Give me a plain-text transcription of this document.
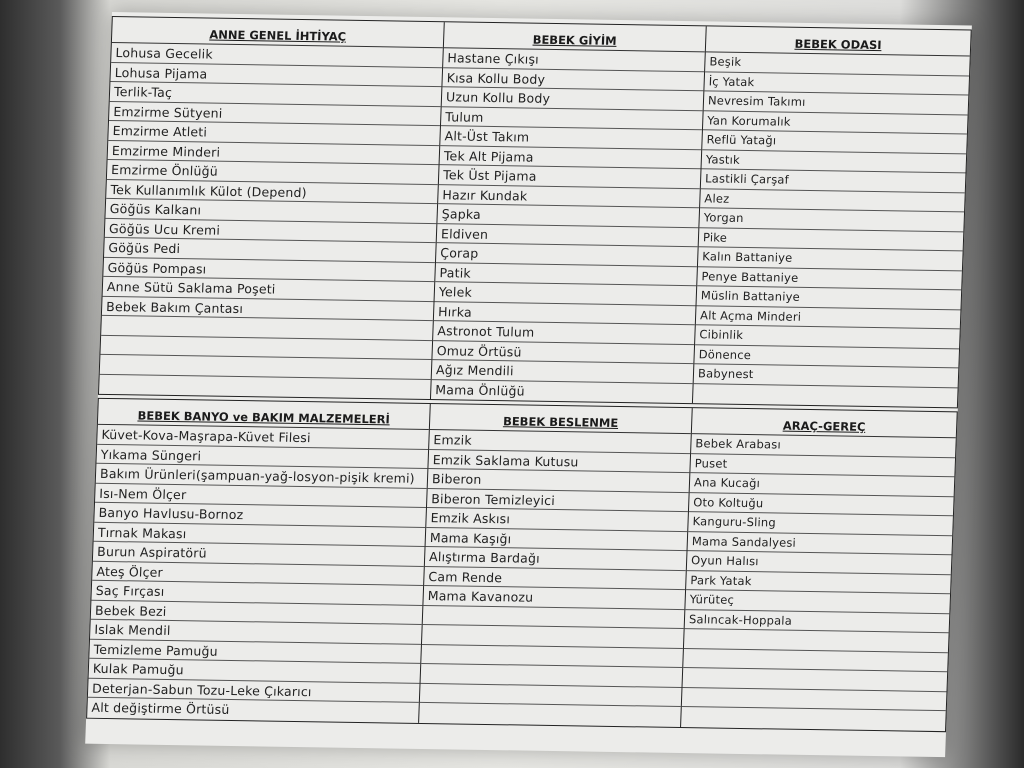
ANNE GENEL İHTİYAÇ
Lohusa Gecelik
Lohusa Pijama
Terlik-Taç
Emzirme Sütyeni
Emzirme Atleti
Emzirme Minderi
Emzirme Önlüğü
Tek Kullanımlık Külot (Depend)
Göğüs Kalkanı
Göğüs Ucu Kremi
Göğüs Pedi
Göğüs Pompası
Anne Sütü Saklama Poşeti
Bebek Bakım Çantası
BEBEK GİYİM
Hastane Çıkışı
Kısa Kollu Body
Uzun Kollu Body
Tulum
Alt-Üst Takım
Tek Alt Pijama
Tek Üst Pijama
Hazır Kundak
Şapka
Eldiven
Çorap
Patik
Yelek
Hırka
Astronot Tulum
Omuz Örtüsü
Ağız Mendili
Mama Önlüğü
BEBEK ODASI
Beşik
İç Yatak
Nevresim Takımı
Yan Korumalık
Reflü Yatağı
Yastık
Lastikli Çarşaf
Alez
Yorgan
Pike
Kalın Battaniye
Penye Battaniye
Müslin Battaniye
Alt Açma Minderi
Cibinlik
Dönence
Babynest
BEBEK BANYO ve BAKIM MALZEMELERİ
Küvet-Kova-Maşrapa-Küvet Filesi
Yıkama Süngeri
Bakım Ürünleri(şampuan-yağ-losyon-pişik kremi)
Isı-Nem Ölçer
Banyo Havlusu-Bornoz
Tırnak Makası
Burun Aspiratörü
Ateş Ölçer
Saç Fırçası
Bebek Bezi
Islak Mendil
Temizleme Pamuğu
Kulak Pamuğu
Deterjan-Sabun Tozu-Leke Çıkarıcı
Alt değiştirme Örtüsü
BEBEK BESLENME
Emzik
Emzik Saklama Kutusu
Biberon
Biberon Temizleyici
Emzik Askısı
Mama Kaşığı
Alıştırma Bardağı
Cam Rende
Mama Kavanozu
ARAÇ-GEREÇ
Bebek Arabası
Puset
Ana Kucağı
Oto Koltuğu
Kanguru-Sling
Mama Sandalyesi
Oyun Halısı
Park Yatak
Yürüteç
Salıncak-Hoppala
